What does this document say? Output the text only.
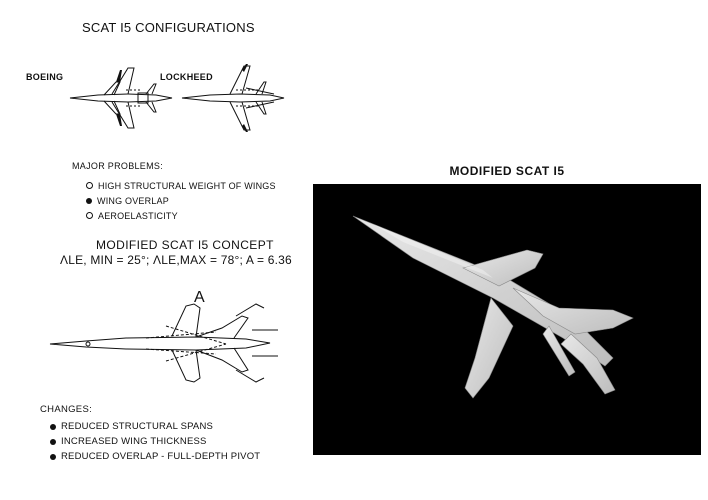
SCAT I5 CONFIGURATIONS
BOEING	LOCKHEED
MAJOR PROBLEMS:
HIGH STRUCTURAL WEIGHT OF WINGS
WING OVERLAP
AEROELASTICITY
MODIFIED SCAT I5 CONCEPT
ΛLE, MIN = 25°; ΛLE,MAX = 78°; A = 6.36
A
CHANGES:
REDUCED STRUCTURAL SPANS
INCREASED WING THICKNESS
REDUCED OVERLAP - FULL-DEPTH PIVOT
MODIFIED SCAT I5
